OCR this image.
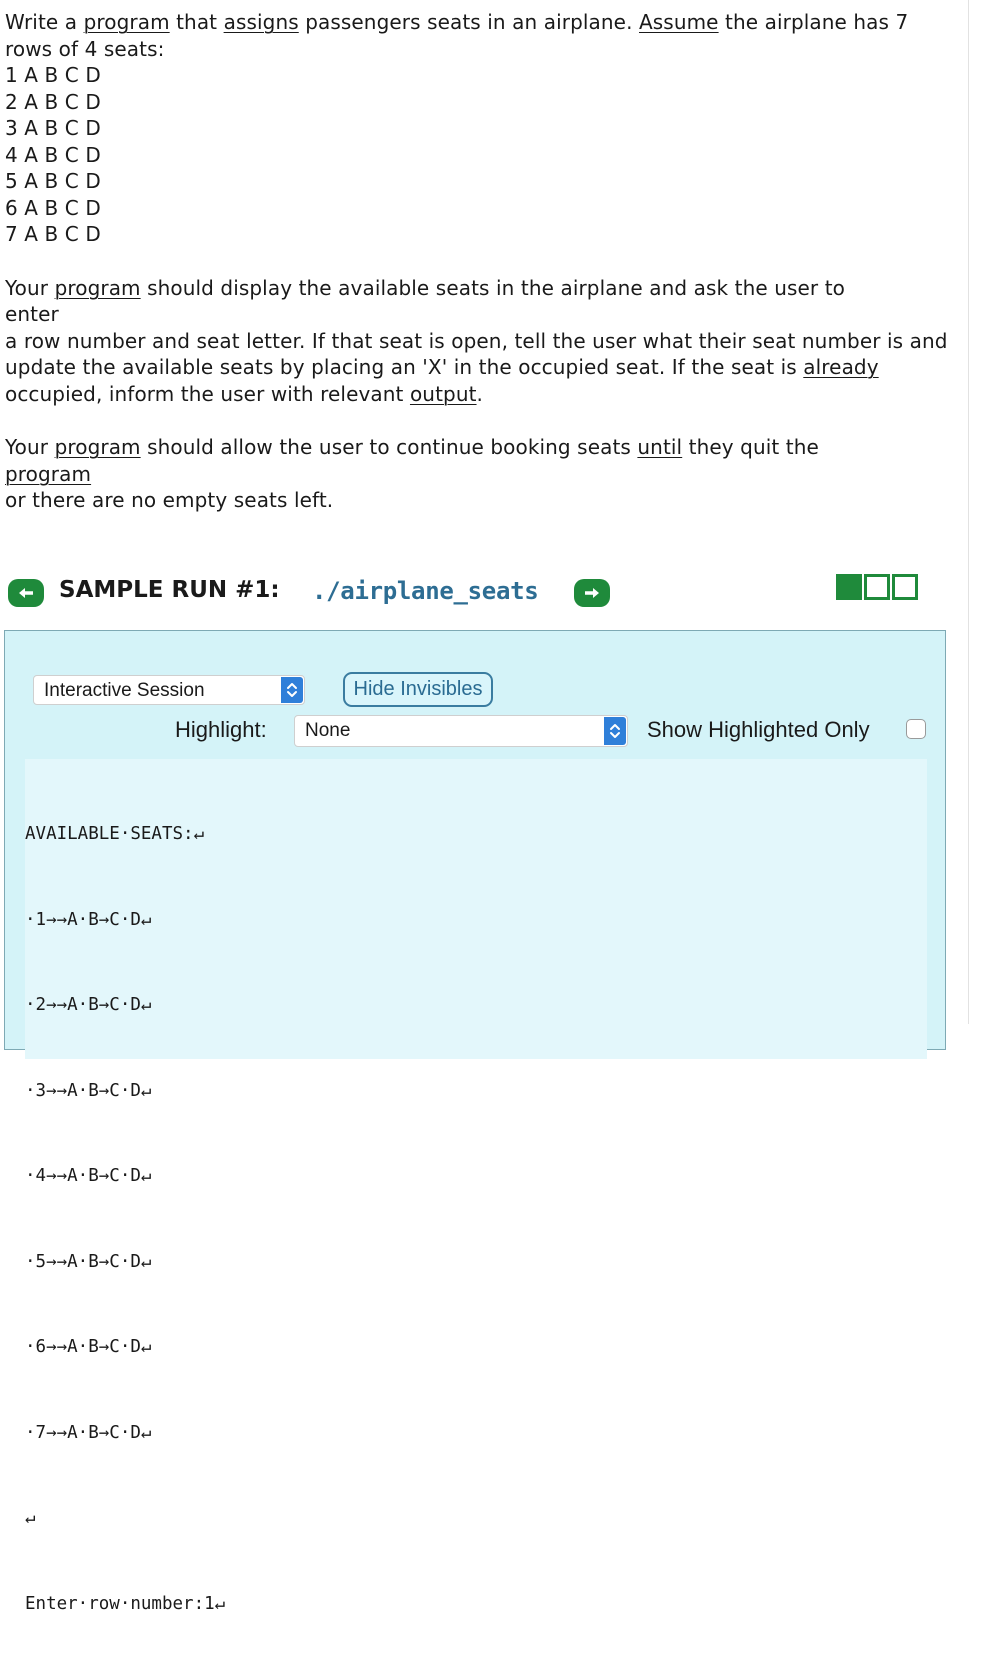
Write a program that assigns passengers seats in an airplane. Assume the airplane has 7 rows of 4 seats:

1 A B C D
2 A B C D
3 A B C D
4 A B C D
5 A B C D
6 A B C D
7 A B C D

Your program should display the available seats in the airplane and ask the user to
enter
a row number and seat letter. If that seat is open, tell the user what their seat number is and update the available seats by placing an 'X' in the occupied seat. If the seat is already occupied, inform the user with relevant output.

Your program should allow the user to continue booking seats until they quit the
program
or there are no empty seats left.

SAMPLE RUN #1: ./airplane_seats
Interactive Session	Hide Invisibles
Highlight: None	Show Highlighted Only

AVAILABLE·SEATS:↵

·1→→A·B→C·D↵

·2→→A·B→C·D↵

·3→→A·B→C·D↵

·4→→A·B→C·D↵

·5→→A·B→C·D↵

·6→→A·B→C·D↵

·7→→A·B→C·D↵

↵

Enter·row·number:1↵
